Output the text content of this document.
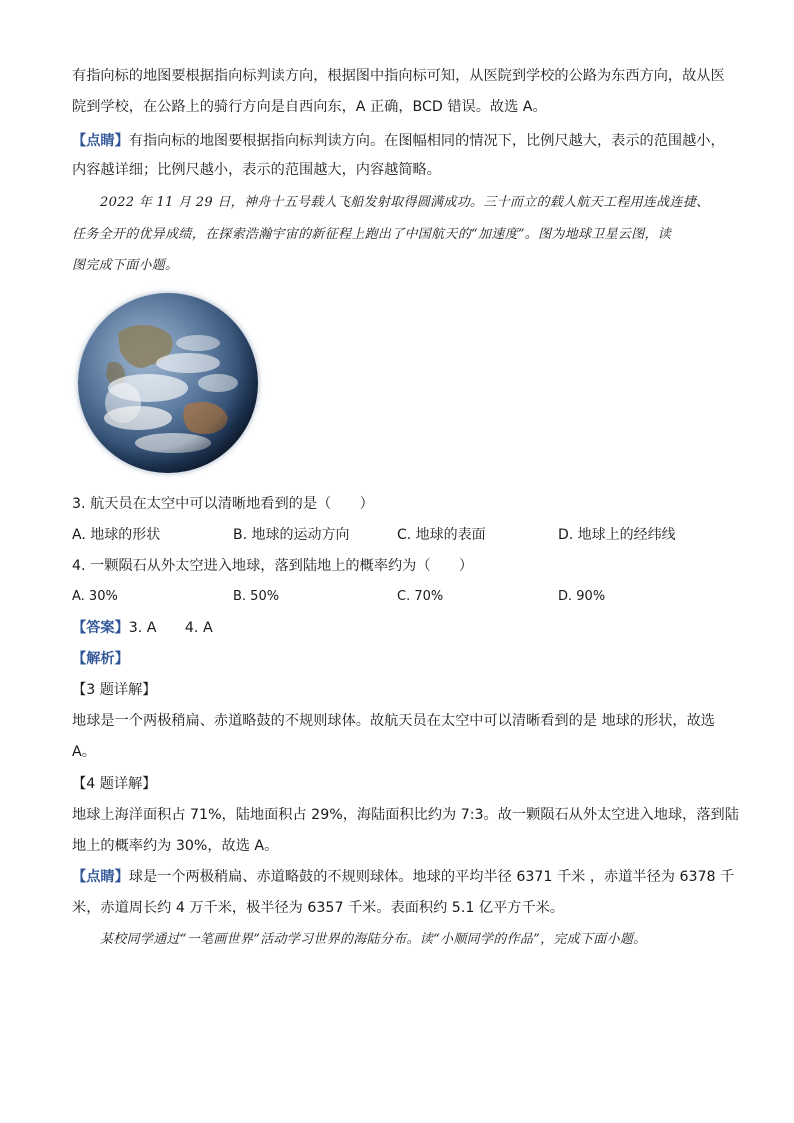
有指向标的地图要根据指向标判读方向，根据图中指向标可知，从医院到学校的公路为东西方向，故从医
院到学校，在公路上的骑行方向是自西向东，A 正确，BCD 错误。故选 A。
【点睛】有指向标的地图要根据指向标判读方向。在图幅相同的情况下，比例尺越大，表示的范围越小，
内容越详细；比例尺越小，表示的范围越大，内容越简略。
2022 年 11 月 29 日，神舟十五号载人飞船发射取得圆满成功。三十而立的载人航天工程用连战连捷、
任务全开的优异成绩，在探索浩瀚宇宙的新征程上跑出了中国航天的“加速度”。图为地球卫星云图，读
图完成下面小题。
3. 航天员在太空中可以清晰地看到的是（　　）
A. 地球的形状	B. 地球的运动方向	C. 地球的表面	D. 地球上的经纬线
4. 一颗陨石从外太空进入地球，落到陆地上的概率约为（　　）
A. 30%	B. 50%	C. 70%	D. 90%
【答案】3. A　　4. A
【解析】
【3 题详解】
地球是一个两极稍扁、赤道略鼓的不规则球体。故航天员在太空中可以清晰看到的是 地球的形状，故选
A。
【4 题详解】
地球上海洋面积占 71%，陆地面积占 29%，海陆面积比约为 7:3。故一颗陨石从外太空进入地球，落到陆
地上的概率约为 30%，故选 A。
【点睛】球是一个两极稍扁、赤道略鼓的不规则球体。地球的平均半径 6371 千米 ，赤道半径为 6378 千
米，赤道周长约 4 万千米，极半径为 6357 千米。表面积约 5.1 亿平方千米。
某校同学通过“一笔画世界”活动学习世界的海陆分布。读“小顺同学的作品”，完成下面小题。
